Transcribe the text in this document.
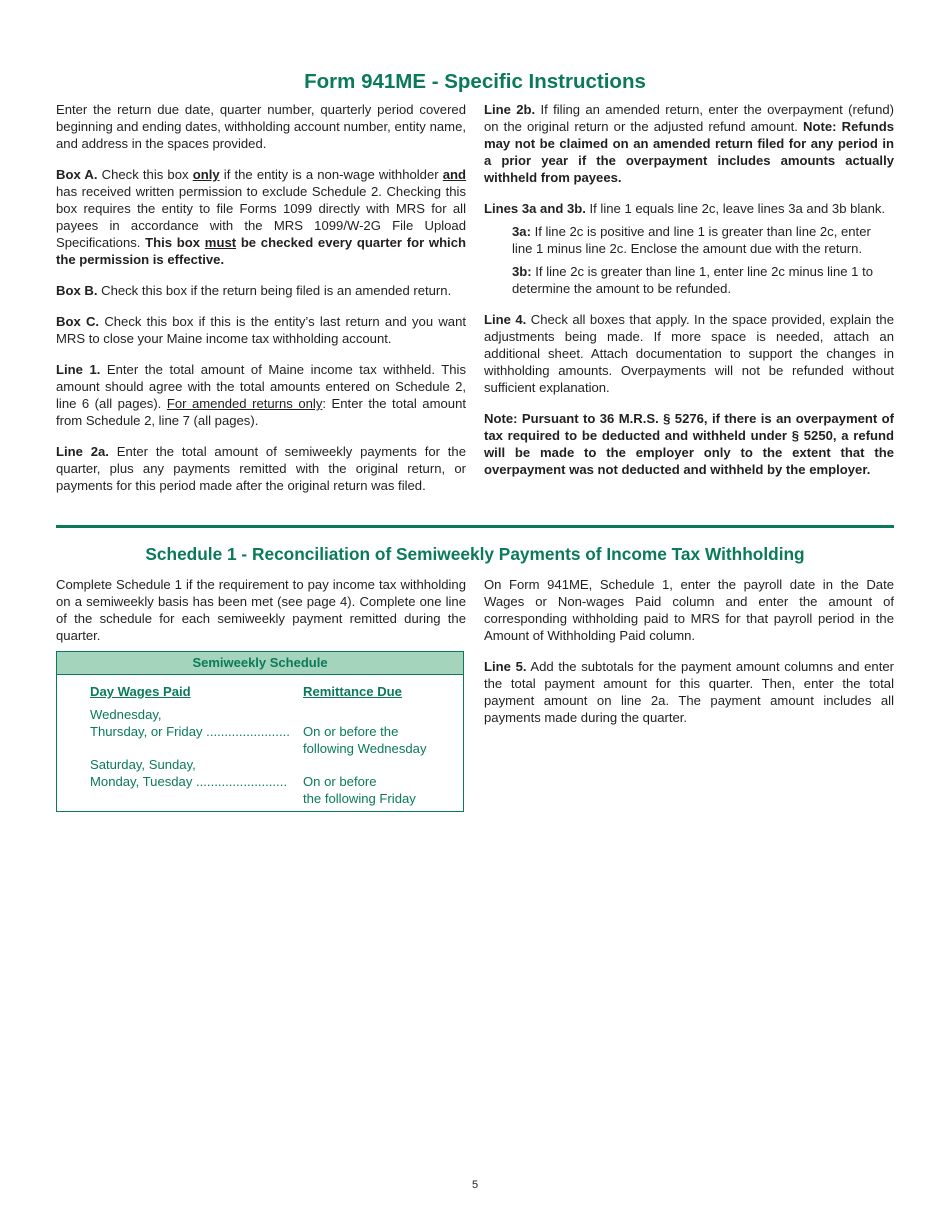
Form 941ME - Specific Instructions

Enter the return due date, quarter number, quarterly period covered beginning and ending dates, withholding account number, entity name, and address in the spaces provided.

Box A. Check this box only if the entity is a non-wage withholder and has received written permission to exclude Schedule 2. Checking this box requires the entity to file Forms 1099 directly with MRS for all payees in accordance with the MRS 1099/W-2G File Upload Specifications. This box must be checked every quarter for which the permission is effective.

Box B. Check this box if the return being filed is an amended return.

Box C. Check this box if this is the entity’s last return and you want MRS to close your Maine income tax withholding account.

Line 1. Enter the total amount of Maine income tax withheld. This amount should agree with the total amounts entered on Schedule 2, line 6 (all pages). For amended returns only: Enter the total amount from Schedule 2, line 7 (all pages).

Line 2a. Enter the total amount of semiweekly payments for the quarter, plus any payments remitted with the original return, or payments for this period made after the original return was filed.

Line 2b. If filing an amended return, enter the overpayment (refund) on the original return or the adjusted refund amount. Note: Refunds may not be claimed on an amended return filed for any period in a prior year if the overpayment includes amounts actually withheld from payees.

Lines 3a and 3b. If line 1 equals line 2c, leave lines 3a and 3b blank.

3a: If line 2c is positive and line 1 is greater than line 2c, enter line 1 minus line 2c. Enclose the amount due with the return.

3b: If line 2c is greater than line 1, enter line 2c minus line 1 to determine the amount to be refunded.

Line 4. Check all boxes that apply. In the space provided, explain the adjustments being made. If more space is needed, attach an additional sheet. Attach documentation to support the changes in withholding amounts. Overpayments will not be refunded without sufficient explanation.

Note: Pursuant to 36 M.R.S. § 5276, if there is an overpayment of tax required to be deducted and withheld under § 5250, a refund will be made to the employer only to the extent that the overpayment was not deducted and withheld by the employer.

Schedule 1 - Reconciliation of Semiweekly Payments of Income Tax Withholding

Complete Schedule 1 if the requirement to pay income tax withholding on a semiweekly basis has been met (see page 4). Complete one line of the schedule for each semiweekly payment remitted during the quarter.

On Form 941ME, Schedule 1, enter the payroll date in the Date Wages or Non-wages Paid column and enter the amount of corresponding withholding paid to MRS for that payroll period in the Amount of Withholding Paid column.

Line 5. Add the subtotals for the payment amount columns and enter the total payment amount for this quarter. Then, enter the total payment amount on line 2a. The payment amount includes all payments made during the quarter.

Semiweekly Schedule
Day Wages Paid	Remittance Due
Wednesday,
Thursday, or Friday ....................... On or before the
following Wednesday
Saturday, Sunday,
Monday, Tuesday ......................... On or before
the following Friday
5
